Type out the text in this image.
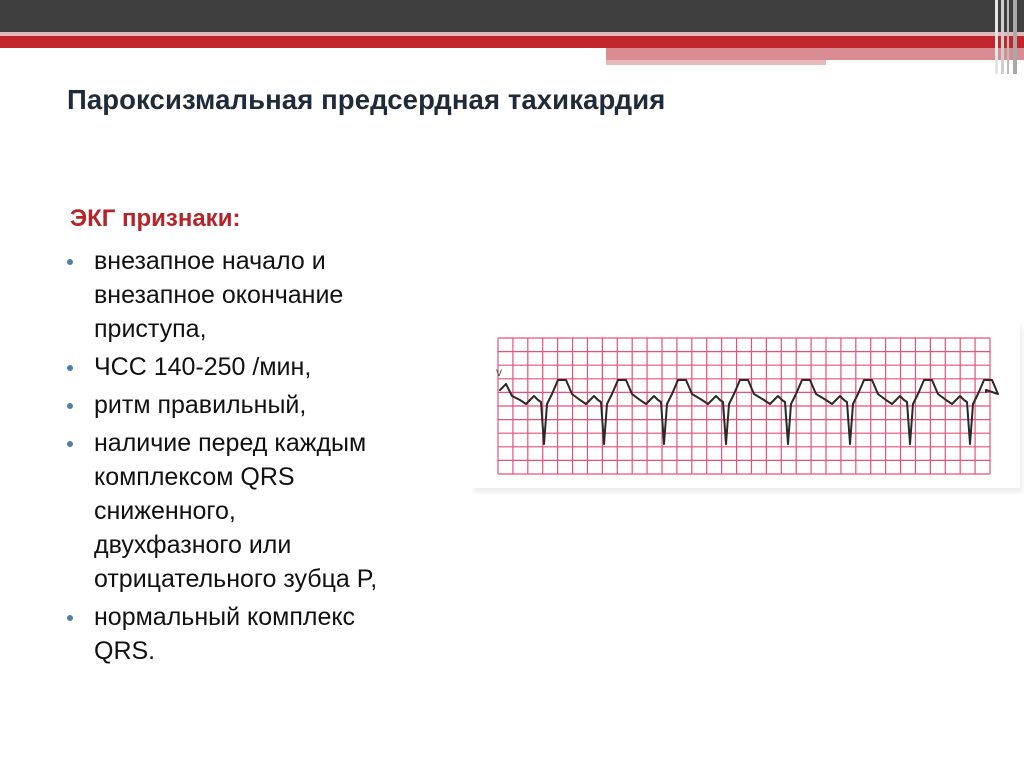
Пароксизмальная предсердная тахикардия
ЭКГ признаки:
внезапное начало и
внезапное окончание
приступа,
ЧСС 140-250 /мин,
ритм правильный,
наличие перед каждым
комплексом QRS
сниженного,
двухфазного или
отрицательного зубца P,
нормальный комплекс
QRS.
V
